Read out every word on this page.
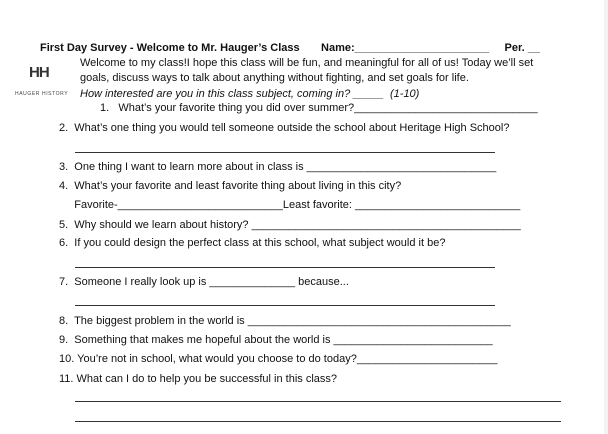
First Day Survey - Welcome to Mr. Hauger’s Class       Name:______________________     Per. __
HH
HAUGER HISTORY
Welcome to my class!I hope this class will be fun, and meaningful for all of us! Today we’ll set
goals, discuss ways to talk about anything without fighting, and set goals for life.
How interested are you in this class subject, coming in? _____  (1-10)
1.   What’s your favorite thing you did over summer?______________________________
2.  What’s one thing you would tell someone outside the school about Heritage High School?
3.  One thing I want to learn more about in class is _______________________________
4.  What’s your favorite and least favorite thing about living in this city?
Favorite-___________________________Least favorite: ___________________________
5.  Why should we learn about history? ____________________________________________
6.  If you could design the perfect class at this school, what subject would it be?
7.  Someone I really look up is ______________ because...
8.  The biggest problem in the world is ___________________________________________
9.  Something that makes me hopeful about the world is __________________________
10. You’re not in school, what would you choose to do today?_______________________
11. What can I do to help you be successful in this class?
